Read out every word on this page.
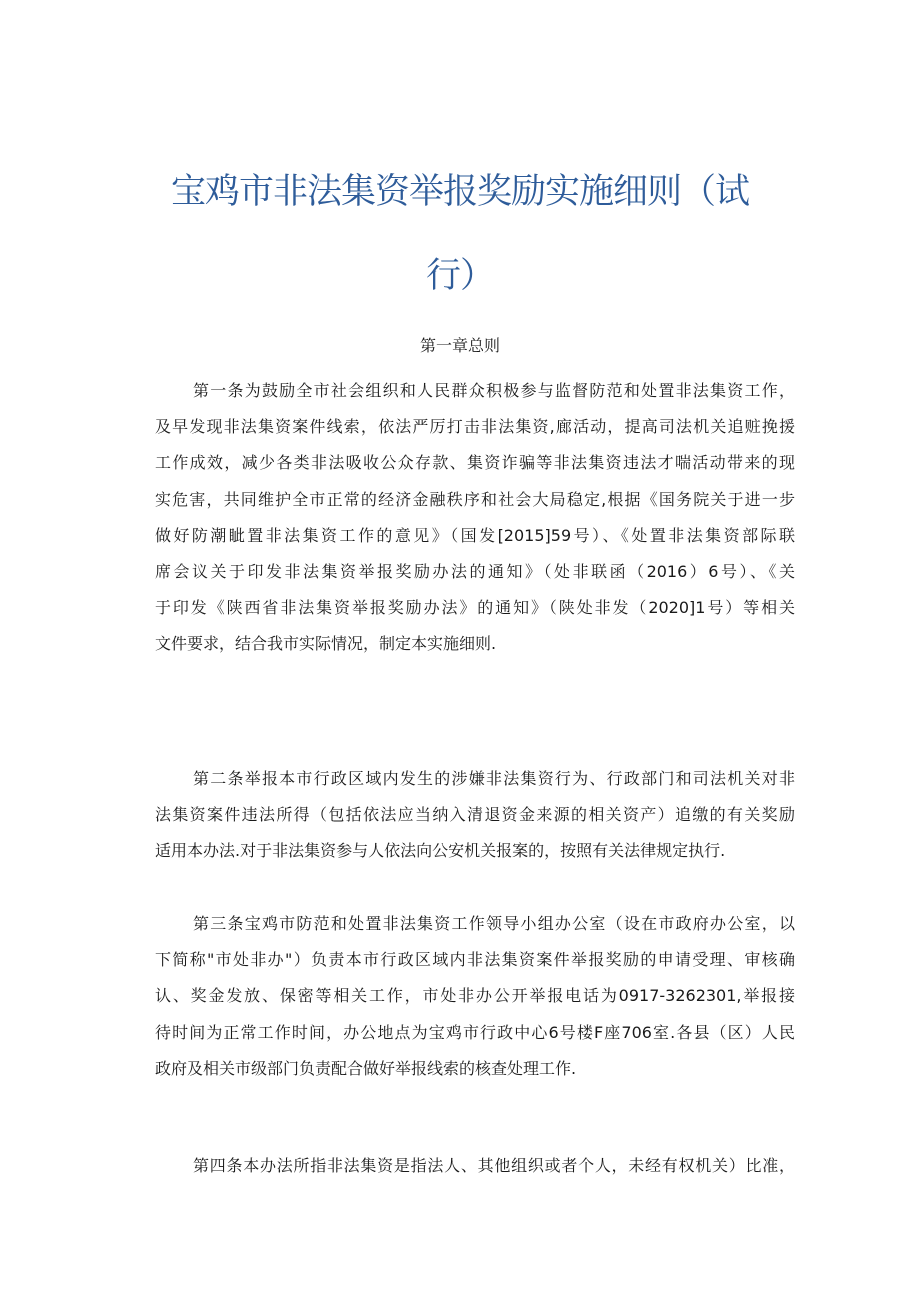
宝鸡市非法集资举报奖励实施细则（试
行）
第一章总则
第一条为鼓励全市社会组织和人民群众积极参与监督防范和处置非法集资工作，
及早发现非法集资案件线索，依法严厉打击非法集资,廊活动，提高司法机关追赃挽援
工作成效，减少各类非法吸收公众存款、集资诈骗等非法集资违法才喘活动带来的现
实危害，共同维护全市正常的经济金融秩序和社会大局稳定,根据《国务院关于进一步
做好防潮眦置非法集资工作的意见》（国发[2015]59号）、《处置非法集资部际联
席会议关于印发非法集资举报奖励办法的通知》（处非联函（2016）6号）、《关
于印发《陕西省非法集资举报奖励办法》的通知》（陕处非发（2020]1号）等相关
文件要求，结合我市实际情况，制定本实施细则.
第二条举报本市行政区域内发生的涉嫌非法集资行为、行政部门和司法机关对非
法集资案件违法所得（包括依法应当纳入清退资金来源的相关资产）追缴的有关奖励
适用本办法.对于非法集资参与人依法向公安机关报案的，按照有关法律规定执行.
第三条宝鸡市防范和处置非法集资工作领导小组办公室（设在市政府办公室，以
下简称"市处非办"）负责本市行政区域内非法集资案件举报奖励的申请受理、审核确
认、奖金发放、保密等相关工作，市处非办公开举报电话为0917-3262301,举报接
待时间为正常工作时间，办公地点为宝鸡市行政中心6号楼F座706室.各县（区）人民
政府及相关市级部门负责配合做好举报线索的核查处理工作.
第四条本办法所指非法集资是指法人、其他组织或者个人，未经有权机关）比准，
